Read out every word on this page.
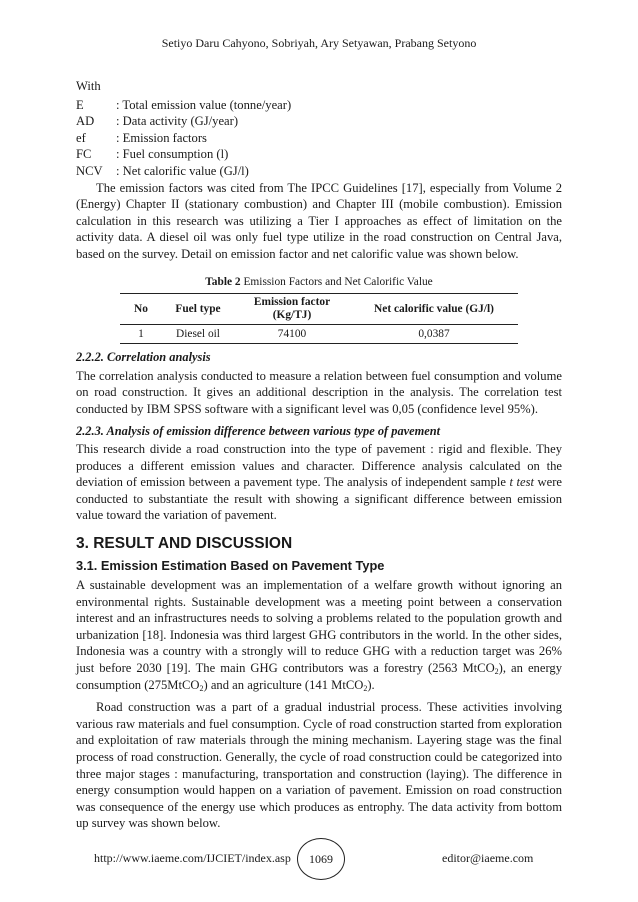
Setiyo Daru Cahyono, Sobriyah, Ary Setyawan, Prabang Setyono
With
E	: Total emission value (tonne/year)
AD	: Data activity (GJ/year)
ef	: Emission factors
FC	: Fuel consumption (l)
NCV	: Net calorific value (GJ/l)

The emission factors was cited from The IPCC Guidelines [17], especially from Volume 2 (Energy) Chapter II (stationary combustion) and Chapter III (mobile combustion). Emission calculation in this research was utilizing a Tier I approaches as effect of limitation on the activity data. A diesel oil was only fuel type utilize in the road construction on Central Java, based on the survey. Detail on emission factor and net calorific value was shown below.

Table 2 Emission Factors and Net Calorific Value
No	Fuel type	Emission factor (Kg/TJ)	Net calorific value (GJ/l)
1	Diesel oil	74100	0,0387
2.2.2. Correlation analysis

The correlation analysis conducted to measure a relation between fuel consumption and volume on road construction. It gives an additional description in the analysis. The correlation test conducted by IBM SPSS software with a significant level was 0,05 (confidence level 95%).

2.2.3. Analysis of emission difference between various type of pavement

This research divide a road construction into the type of pavement : rigid and flexible. They produces a different emission values and character. Difference analysis calculated on the deviation of emission between a pavement type. The analysis of independent sample t test were conducted to substantiate the result with showing a significant difference between emission value toward the variation of pavement.

3. RESULT AND DISCUSSION
3.1. Emission Estimation Based on Pavement Type

A sustainable development was an implementation of a welfare growth without ignoring an environmental rights. Sustainable development was a meeting point between a conservation interest and an infrastructures needs to solving a problems related to the population growth and urbanization [18]. Indonesia was third largest GHG contributors in the world. In the other sides, Indonesia was a country with a strongly will to reduce GHG with a reduction target was 26% just before 2030 [19]. The main GHG contributors was a forestry (2563 MtCO$_2$), an energy consumption (275MtCO$_2$) and an agriculture (141 MtCO$_2$).

Road construction was a part of a gradual industrial process. These activities involving various raw materials and fuel consumption. Cycle of road construction started from exploration and exploitation of raw materials through the mining mechanism. Layering stage was the final process of road construction. Generally, the cycle of road construction could be categorized into three major stages : manufacturing, transportation and construction (laying). The difference in energy consumption would happen on a variation of pavement. Emission on road construction was consequence of the energy use which produces as entrophy. The data activity from bottom up survey was shown below.

http://www.iaeme.com/IJCIET/index.asp	1069	editor@iaeme.com
